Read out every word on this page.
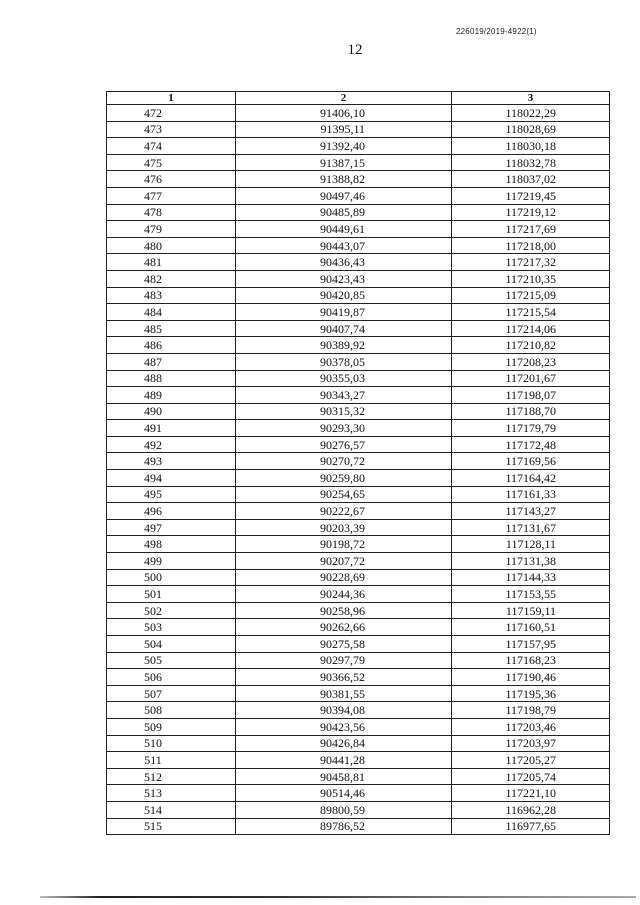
226019/2019-4922(1)
12
1	2	3
472	91406,10	118022,29
473	91395,11	118028,69
474	91392,40	118030,18
475	91387,15	118032,78
476	91388,82	118037,02
477	90497,46	117219,45
478	90485,89	117219,12
479	90449,61	117217,69
480	90443,07	117218,00
481	90436,43	117217,32
482	90423,43	117210,35
483	90420,85	117215,09
484	90419,87	117215,54
485	90407,74	117214,06
486	90389,92	117210,82
487	90378,05	117208,23
488	90355,03	117201,67
489	90343,27	117198,07
490	90315,32	117188,70
491	90293,30	117179,79
492	90276,57	117172,48
493	90270,72	117169,56
494	90259,80	117164,42
495	90254,65	117161,33
496	90222,67	117143,27
497	90203,39	117131,67
498	90198,72	117128,11
499	90207,72	117131,38
500	90228,69	117144,33
501	90244,36	117153,55
502	90258,96	117159,11
503	90262,66	117160,51
504	90275,58	117157,95
505	90297,79	117168,23
506	90366,52	117190,46
507	90381,55	117195,36
508	90394,08	117198,79
509	90423,56	117203,46
510	90426,84	117203,97
511	90441,28	117205,27
512	90458,81	117205,74
513	90514,46	117221,10
514	89800,59	116962,28
515	89786,52	116977,65
